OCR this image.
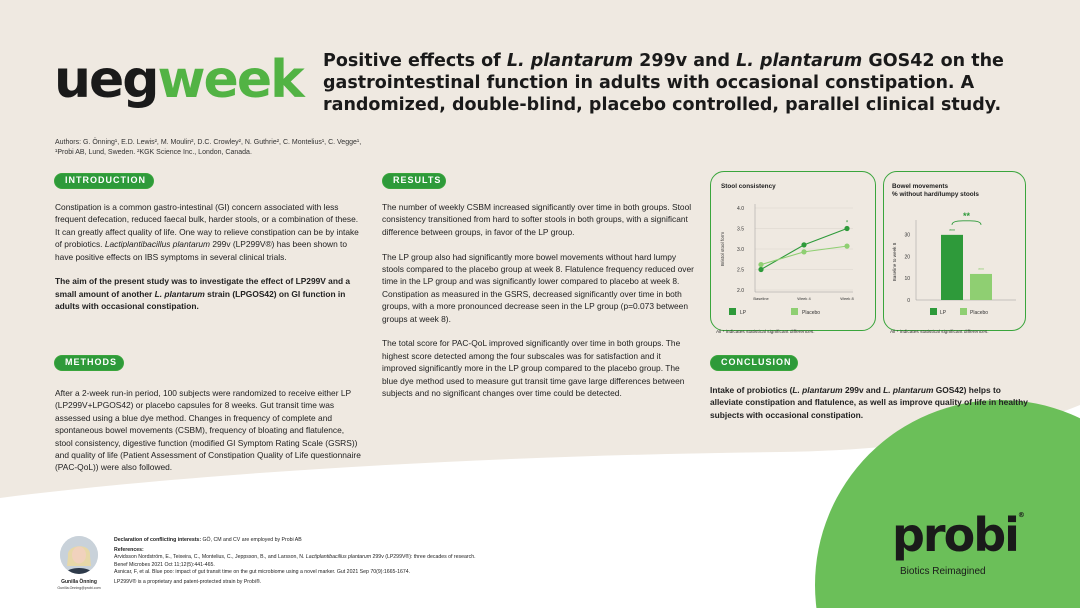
uegweek Positive effects of L. plantarum 299v and L. plantarum GOS42 on the gastrointestinal function in adults with occasional constipation. A randomized, double-blind, placebo controlled, parallel clinical study.
Authors: G. Önning¹, E.D. Lewis², M. Moulin², D.C. Crowley², N. Guthrie², C. Montelius¹, C. Vegge¹,
¹Probi AB, Lund, Sweden. ²KGK Science Inc., London, Canada.
INTRODUCTION

Constipation is a common gastro-intestinal (GI) concern associated with less frequent defecation, reduced faecal bulk, harder stools, or a combination of these. It can greatly affect quality of life. One way to relieve constipation can be by intake of probiotics. Lactiplantibacillus plantarum 299v (LP299V®) has been shown to have positive effects on IBS symptoms in several clinical trials.

The aim of the present study was to investigate the effect of LP299V and a small amount of another L. plantarum strain (LPGOS42) on GI function in adults with occasional constipation.

METHODS

After a 2-week run-in period, 100 subjects were randomized to receive either LP (LP299V+LPGOS42) or placebo capsules for 8 weeks. Gut transit time was assessed using a blue dye method. Changes in frequency of complete and spontaneous bowel movements (CSBM), frequency of bloating and flatulence, stool consistency, digestive function (modified GI Symptom Rating Scale (GSRS)) and quality of life (Patient Assessment of Constipation Quality of Life questionnaire (PAC-QoL)) were also followed.

RESULTS

The number of weekly CSBM increased significantly over time in both groups. Stool consistency transitioned from hard to softer stools in both groups, with a significant difference between groups, in favor of the LP group.

The LP group also had significantly more bowel movements without hard lumpy stools compared to the placebo group at week 8. Flatulence frequency reduced over time in the LP group and was significantly lower compared to placebo at week 8. Constipation as measured in the GSRS, decreased significantly over time in both groups, with a more pronounced decrease seen in the LP group (p=0.073 between groups at week 8).

The total score for PAC-QoL improved significantly over time in both groups. The highest score detected among the four subscales was for satisfaction and it improved significantly more in the LP group compared to the placebo group. The blue dye method used to measure gut transit time gave large differences between subjects and no significant changes over time could be detected.

Stool consistency
2.0
2.5
3.0
3.5
4.0
Bristol stool form
Baseline	Week 4	Week 8
*
LP	Placebo
All * indicates statistical significant differences.
Bowel movements
% without hard/lumpy stools
0
10
20
30
Baseline to week 8
***
***
**
LP	Placebo
All * indicates statistical significant differences.
CONCLUSION

Intake of probiotics (L. plantarum 299v and L. plantarum GOS42) helps to alleviate constipation and flatulence, as well as improve quality of life in healthy subjects with occasional constipation.

Gunilla Önning
Gunilla.Onning@probi.com
Declaration of conflicting interests: GÖ, CM and CV are employed by Probi AB
References:
Arvidsson Nordström, E., Teixeira, C., Montelius, C., Jeppsson, B., and Larsson, N. Lactiplantibacillus plantarum 299v (LP299V®): three decades of research.
Benef Microbes 2021 Oct 11;12(5):441-465.
Asnicar, F, et al. Blue poo: impact of gut transit time on the gut microbiome using a novel marker. Gut 2021 Sep 70(9):1665-1674.
LP299V® is a proprietary and patent-protected strain by Probi®.
probi®
Biotics Reimagined
